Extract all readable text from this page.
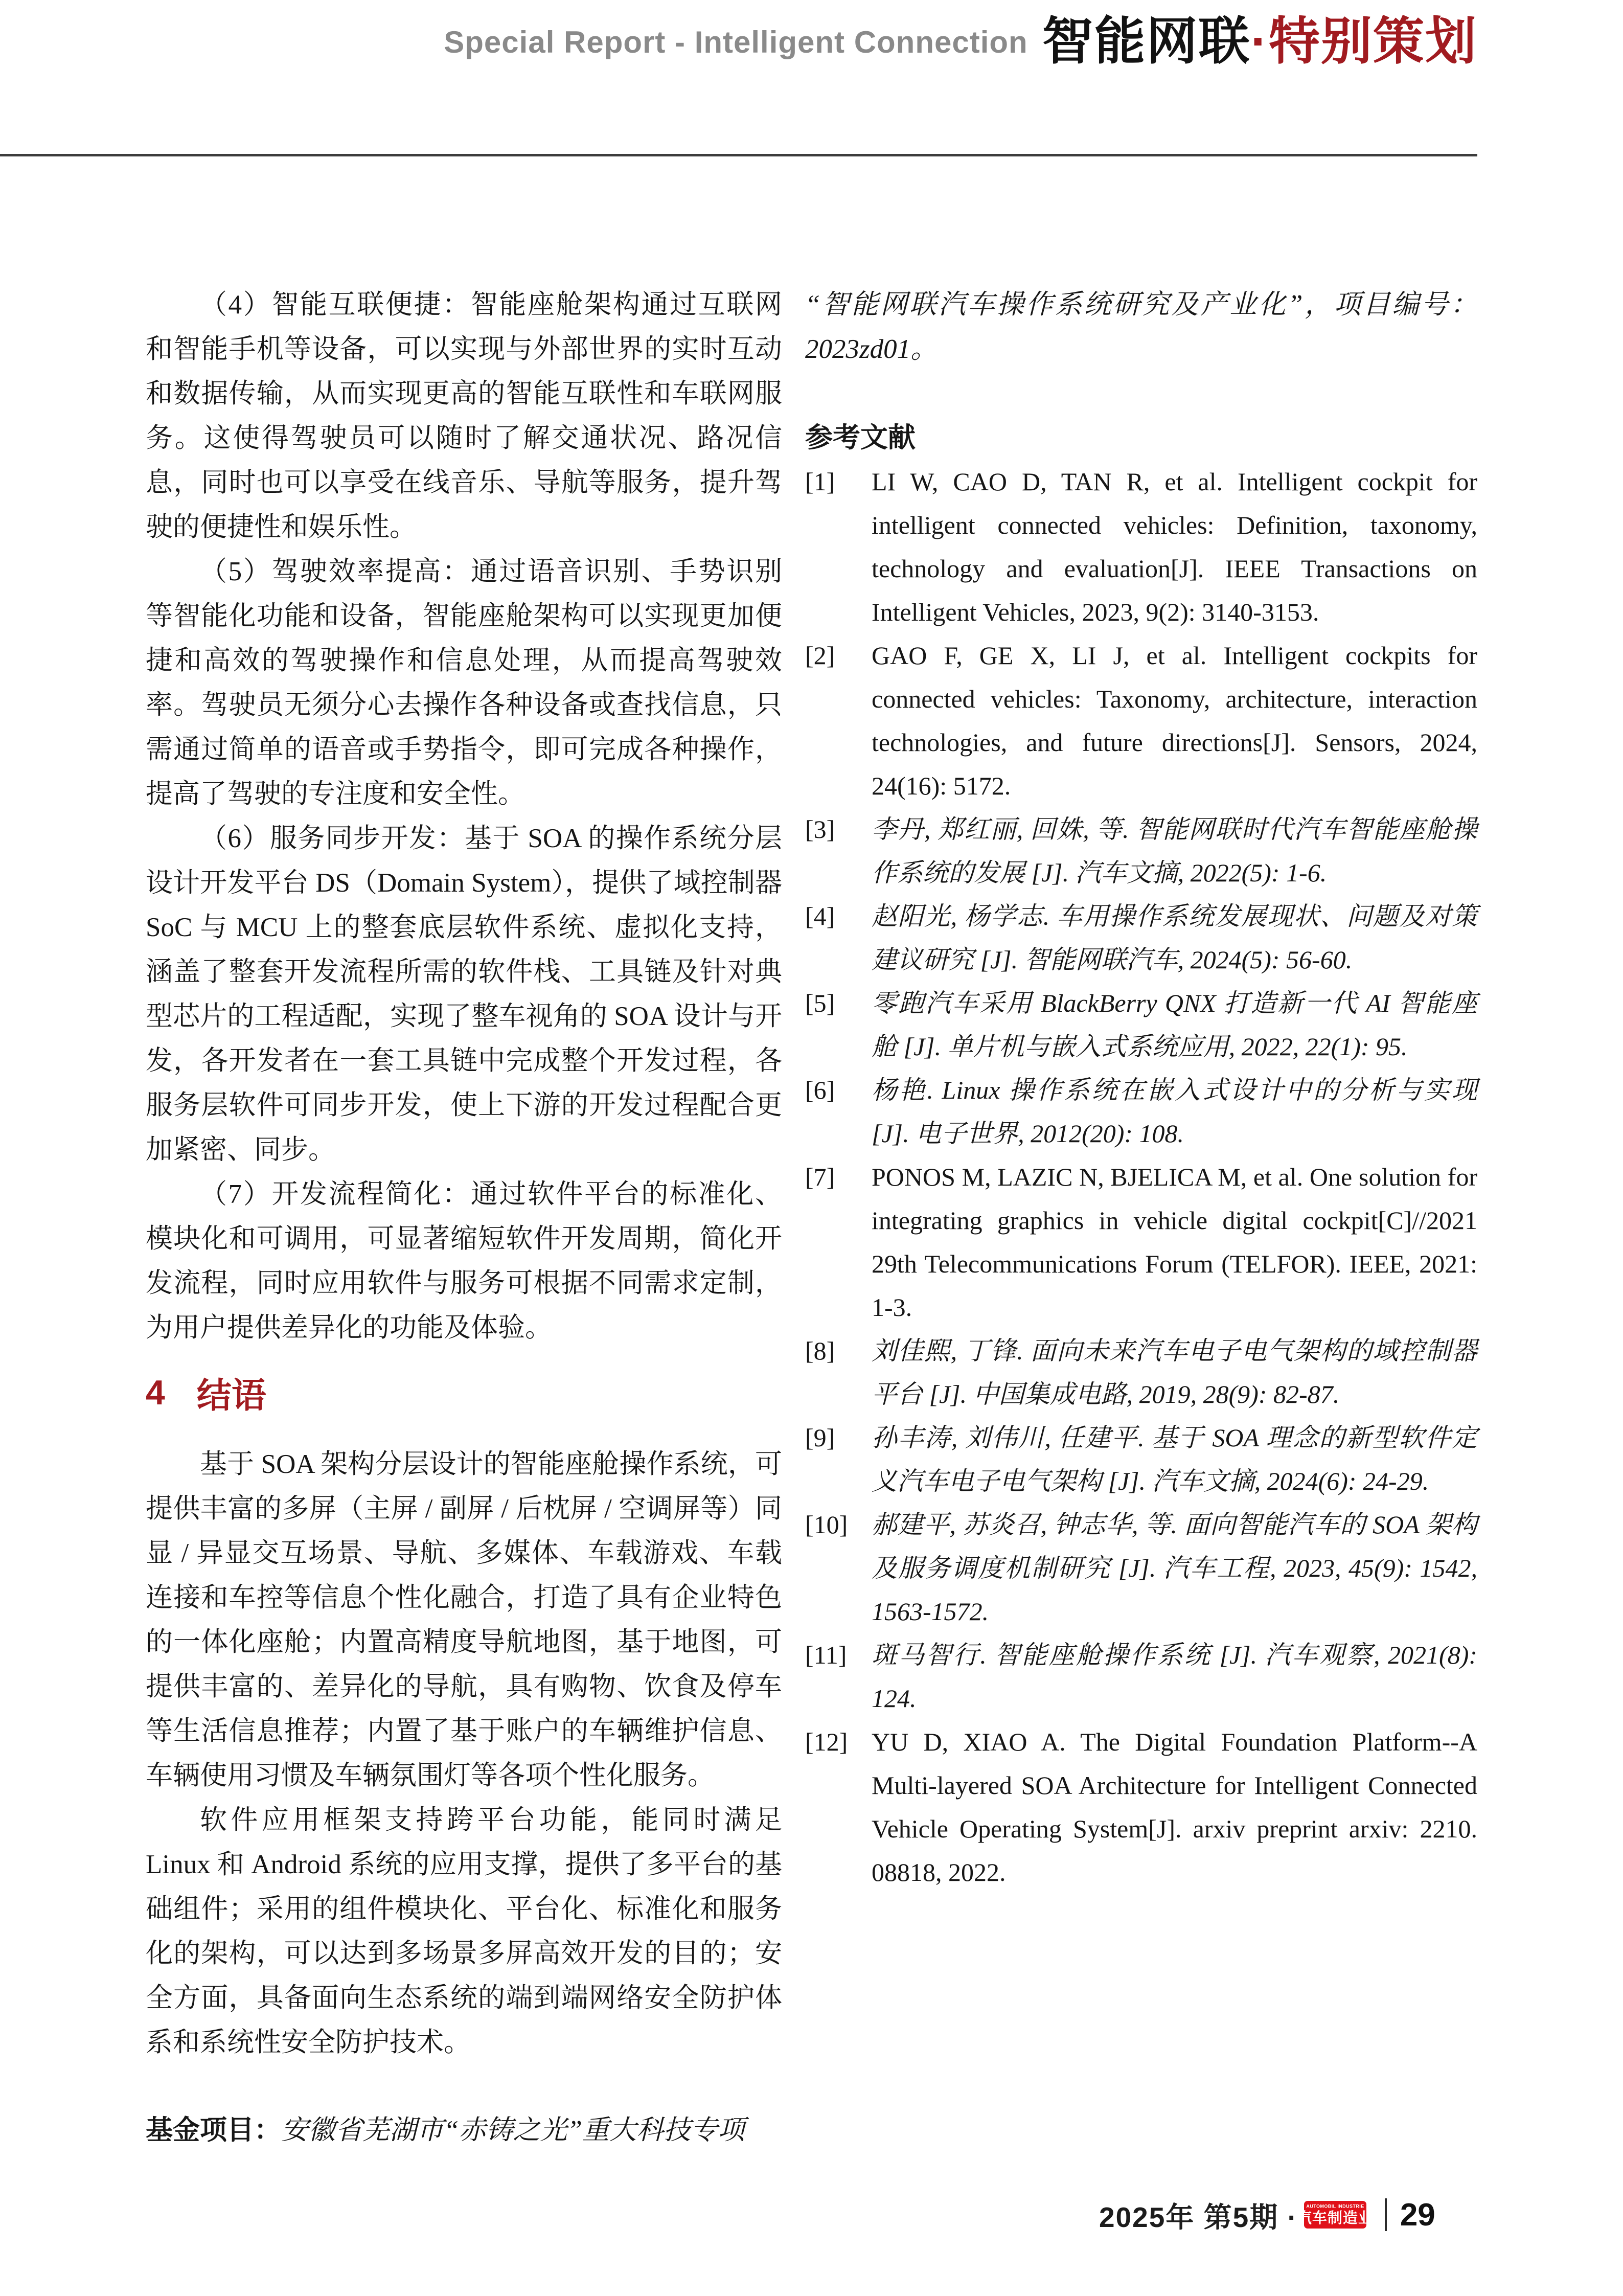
Special Report - Intelligent Connection 智能网联 ·特别策划

（4）智能互联便捷：智能座舱架构通过互联网和智能手机等设备，可以实现与外部世界的实时互动和数据传输，从而实现更高的智能互联性和车联网服务。这使得驾驶员可以随时了解交通状况、路况信息，同时也可以享受在线音乐、导航等服务，提升驾驶的便捷性和娱乐性。

（5）驾驶效率提高：通过语音识别、手势识别等智能化功能和设备，智能座舱架构可以实现更加便捷和高效的驾驶操作和信息处理，从而提高驾驶效率。驾驶员无须分心去操作各种设备或查找信息，只需通过简单的语音或手势指令，即可完成各种操作，提高了驾驶的专注度和安全性。

（6）服务同步开发：基于 SOA 的操作系统分层设计开发平台 DS（Domain System），提供了域控制器 SoC 与 MCU 上的整套底层软件系统、虚拟化支持，涵盖了整套开发流程所需的软件栈、工具链及针对典型芯片的工程适配，实现了整车视角的 SOA 设计与开发，各开发者在一套工具链中完成整个开发过程，各服务层软件可同步开发，使上下游的开发过程配合更加紧密、同步。

（7）开发流程简化：通过软件平台的标准化、模块化和可调用，可显著缩短软件开发周期，简化开发流程，同时应用软件与服务可根据不同需求定制，为用户提供差异化的功能及体验。

4 结语

基于 SOA 架构分层设计的智能座舱操作系统，可提供丰富的多屏（主屏 / 副屏 / 后枕屏 / 空调屏等）同显 / 异显交互场景、导航、多媒体、车载游戏、车载连接和车控等信息个性化融合，打造了具有企业特色的一体化座舱；内置高精度导航地图，基于地图，可提供丰富的、差异化的导航，具有购物、饮食及停车等生活信息推荐；内置了基于账户的车辆维护信息、车辆使用习惯及车辆氛围灯等各项个性化服务。

软件应用框架支持跨平台功能，能同时满足 Linux 和 Android 系统的应用支撑，提供了多平台的基础组件；采用的组件模块化、平台化、标准化和服务化的架构，可以达到多场景多屏高效开发的目的；安全方面，具备面向生态系统的端到端网络安全防护体系和系统性安全防护技术。

基金项目：安徽省芜湖市“赤铸之光”重大科技专项

“智能网联汽车操作系统研究及产业化”，项目编号：2023zd01。

参考文献
[1] LI W, CAO D, TAN R, et al. Intelligent cockpit for intelligent connected vehicles: Definition, taxonomy, technology and evaluation[J]. IEEE Transactions on Intelligent Vehicles, 2023, 9(2): 3140-3153.
[2] GAO F, GE X, LI J, et al. Intelligent cockpits for connected vehicles: Taxonomy, architecture, interaction technologies, and future directions[J]. Sensors, 2024, 24(16): 5172.
[3] 李丹, 郑红丽, 回姝, 等. 智能网联时代汽车智能座舱操作系统的发展 [J]. 汽车文摘, 2022(5): 1-6.
[4] 赵阳光, 杨学志. 车用操作系统发展现状、问题及对策建议研究 [J]. 智能网联汽车, 2024(5): 56-60.
[5] 零跑汽车采用 BlackBerry QNX 打造新一代 AI 智能座舱 [J]. 单片机与嵌入式系统应用, 2022, 22(1): 95.
[6] 杨艳. Linux 操作系统在嵌入式设计中的分析与实现 [J]. 电子世界, 2012(20): 108.
[7] PONOS M, LAZIC N, BJELICA M, et al. One solution for integrating graphics in vehicle digital cockpit[C]//2021 29th Telecommunications Forum (TELFOR). IEEE, 2021: 1-3.
[8] 刘佳熙, 丁锋. 面向未来汽车电子电气架构的域控制器平台 [J]. 中国集成电路, 2019, 28(9): 82-87.
[9] 孙丰涛, 刘伟川, 任建平. 基于 SOA 理念的新型软件定义汽车电子电气架构 [J]. 汽车文摘, 2024(6): 24-29.
[10] 郝建平, 苏炎召, 钟志华, 等. 面向智能汽车的 SOA 架构及服务调度机制研究 [J]. 汽车工程, 2023, 45(9): 1542, 1563-1572.
[11] 斑马智行. 智能座舱操作系统 [J]. 汽车观察, 2021(8): 124.
[12] YU D, XIAO A. The Digital Foundation Platform--A Multi-layered SOA Architecture for Intelligent Connected Vehicle Operating System[J]. arxiv preprint arxiv: 2210. 08818, 2022.
2025年 第5期 · AUTOMOBIL INDUSTRIE
汽车制造业 29
